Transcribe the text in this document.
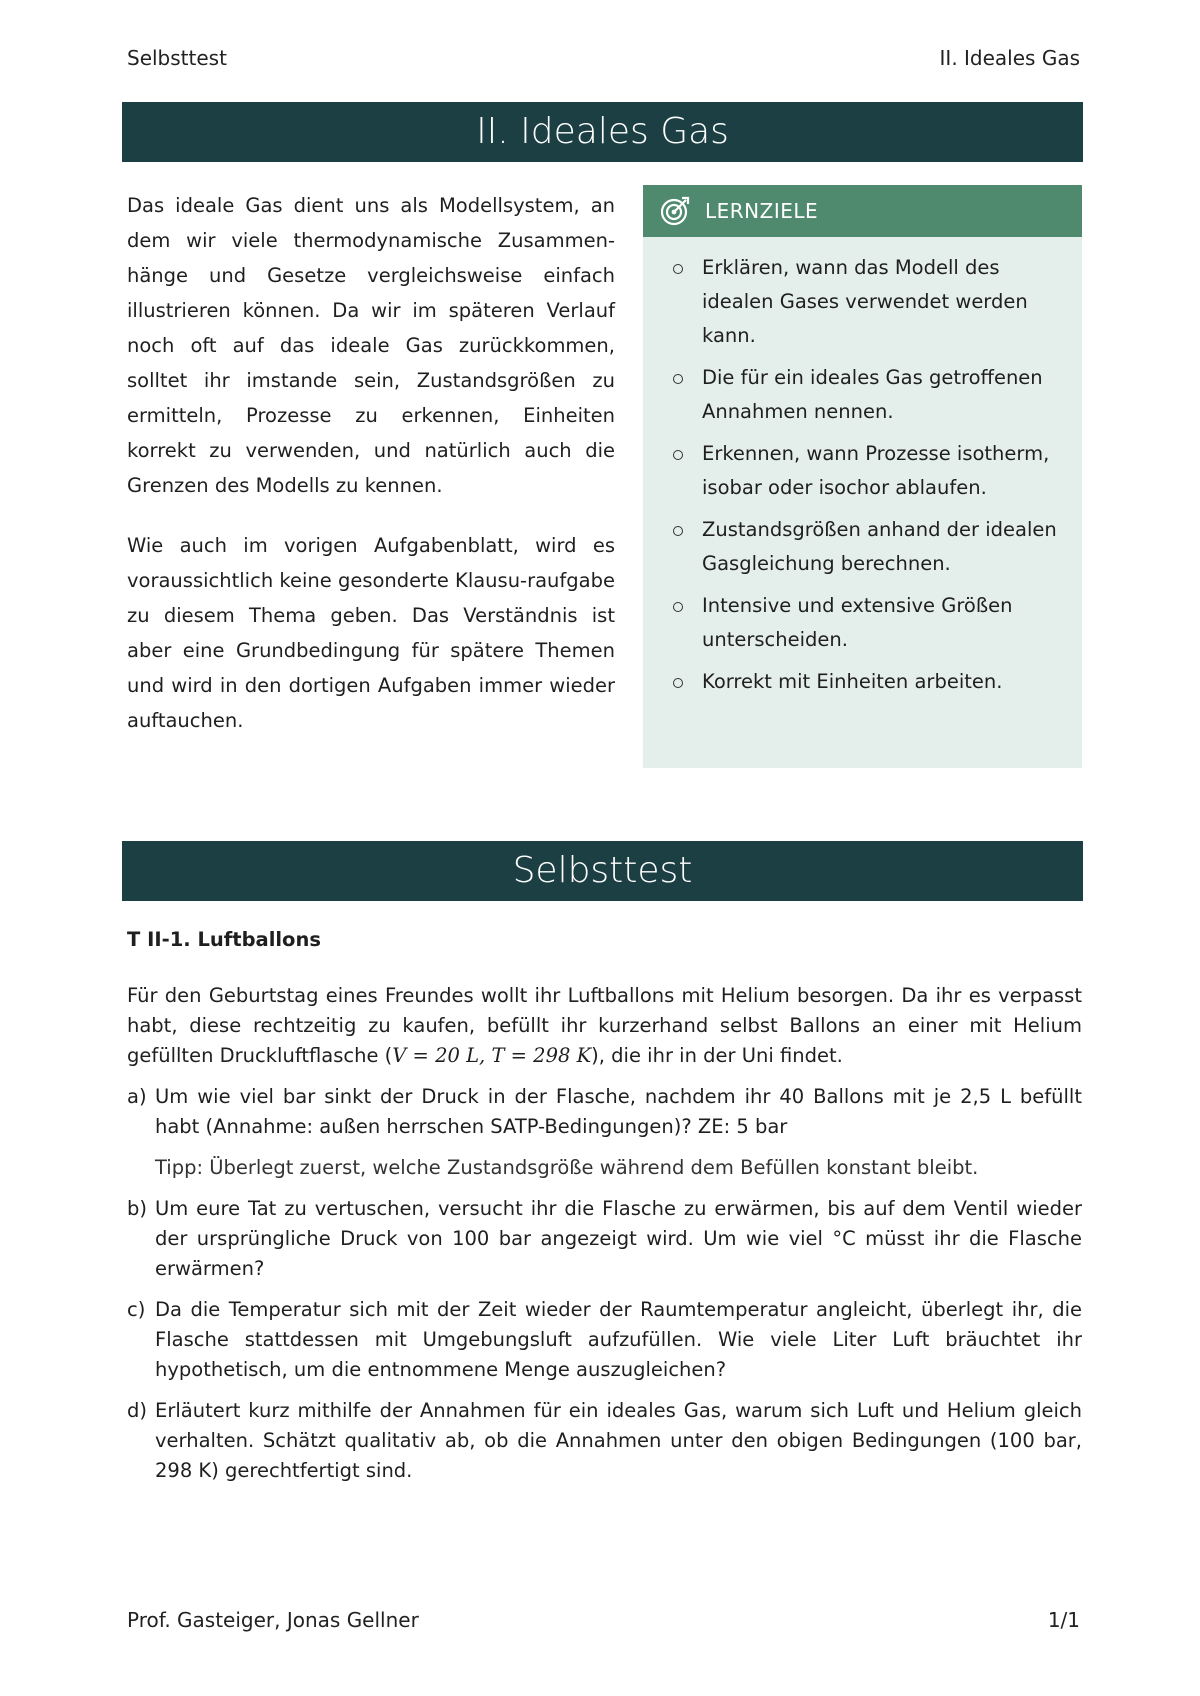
Selbsttest	II. Ideales Gas
II. Ideales Gas

Das ideale Gas dient uns als Modellsystem, an dem wir viele thermodynamische Zusammen-hänge und Gesetze vergleichsweise einfach illustrieren können. Da wir im späteren Verlauf noch oft auf das ideale Gas zurückkommen, solltet ihr imstande sein, Zustandsgrößen zu ermitteln, Prozesse zu erkennen, Einheiten korrekt zu verwenden, und natürlich auch die Grenzen des Modells zu kennen.

Wie auch im vorigen Aufgabenblatt, wird es voraussichtlich keine gesonderte Klausu-raufgabe zu diesem Thema geben. Das Verständnis ist aber eine Grundbedingung für spätere Themen und wird in den dortigen Aufgaben immer wieder auftauchen.

LERNZIELE
Erklären, wann das Modell des idealen Gases verwendet werden kann.
Die für ein ideales Gas getroffenen Annahmen nennen.
Erkennen, wann Prozesse isotherm, isobar oder isochor ablaufen.
Zustandsgrößen anhand der idealen Gasgleichung berechnen.
Intensive und extensive Größen unterscheiden.
Korrekt mit Einheiten arbeiten.
Selbsttest

T II-1. Luftballons

Für den Geburtstag eines Freundes wollt ihr Luftballons mit Helium besorgen. Da ihr es verpasst habt, diese rechtzeitig zu kaufen, befüllt ihr kurzerhand selbst Ballons an einer mit Helium gefüllten Druckluftflasche (V = 20 L, T = 298 K), die ihr in der Uni findet.

a) Um wie viel bar sinkt der Druck in der Flasche, nachdem ihr 40 Ballons mit je 2,5 L befüllt habt (Annahme: außen herrschen SATP-Bedingungen)? ZE: 5 bar

Tipp: Überlegt zuerst, welche Zustandsgröße während dem Befüllen konstant bleibt.

b) Um eure Tat zu vertuschen, versucht ihr die Flasche zu erwärmen, bis auf dem Ventil wieder der ursprüngliche Druck von 100 bar angezeigt wird. Um wie viel °C müsst ihr die Flasche erwärmen?
c) Da die Temperatur sich mit der Zeit wieder der Raumtemperatur angleicht, überlegt ihr, die Flasche stattdessen mit Umgebungsluft aufzufüllen. Wie viele Liter Luft bräuchtet ihr hypothetisch, um die entnommene Menge auszugleichen?
d) Erläutert kurz mithilfe der Annahmen für ein ideales Gas, warum sich Luft und Helium gleich verhalten. Schätzt qualitativ ab, ob die Annahmen unter den obigen Bedingungen (100 bar, 298 K) gerechtfertigt sind.
Prof. Gasteiger, Jonas Gellner	1/1
